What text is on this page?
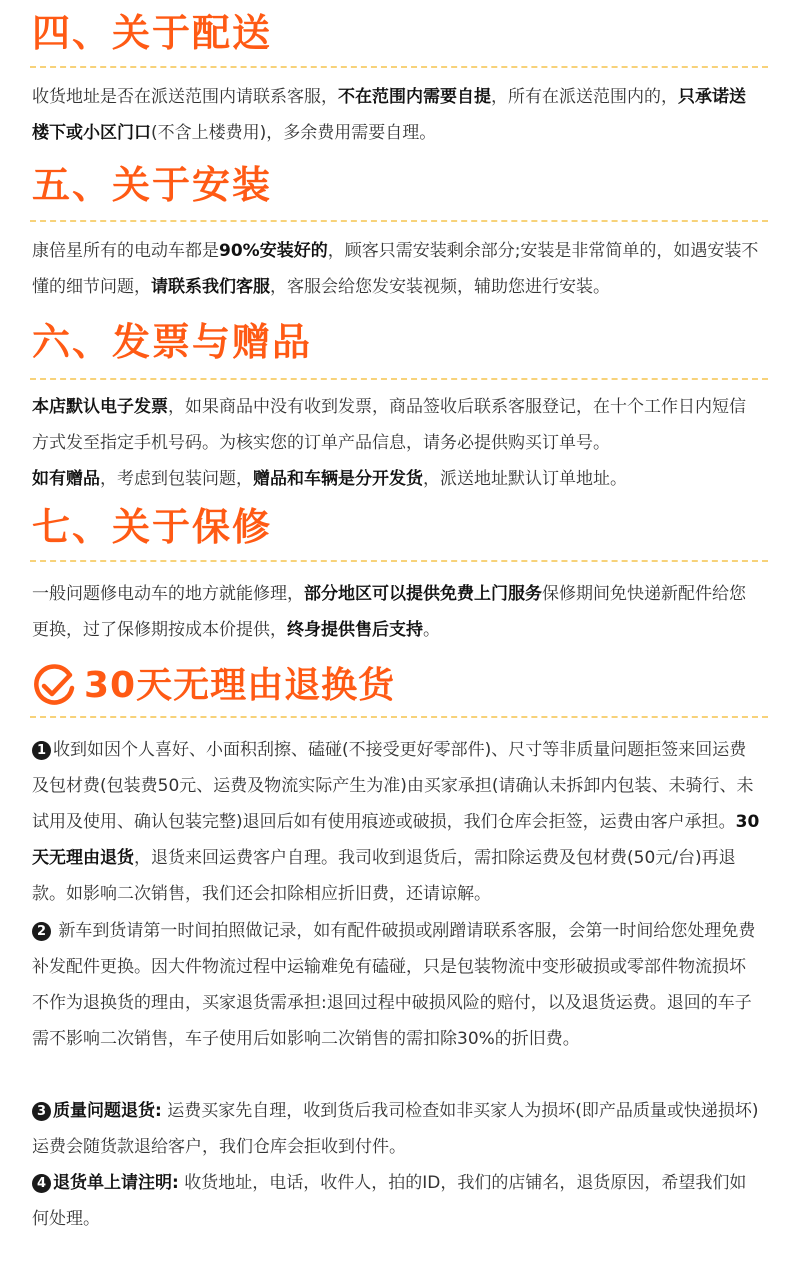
四、关于配送

收货地址是否在派送范围内请联系客服，不在范围内需要自提，所有在派送范围内的，只承诺送楼下或小区门口(不含上楼费用)，多余费用需要自理。

五、关于安装

康倍星所有的电动车都是90%安装好的，顾客只需安装剩余部分;安装是非常简单的，如遇安装不懂的细节问题，请联系我们客服，客服会给您发安装视频，辅助您进行安装。

六、发票与赠品

本店默认电子发票，如果商品中没有收到发票，商品签收后联系客服登记，在十个工作日内短信方式发至指定手机号码。为核实您的订单产品信息，请务必提供购买订单号。

如有赠品，考虑到包装问题，赠品和车辆是分开发货，派送地址默认订单地址。

七、关于保修

一般问题修电动车的地方就能修理，部分地区可以提供免费上门服务保修期间免快递新配件给您更换，过了保修期按成本价提供，终身提供售后支持。

30天无理由退换货

1 收到如因个人喜好、小面积刮擦、磕碰(不接受更好零部件)、尺寸等非质量问题拒签来回运费及包材费(包装费50元、运费及物流实际产生为准)由买家承担(请确认未拆卸内包装、未骑行、未试用及使用、确认包装完整)退回后如有使用痕迹或破损，我们仓库会拒签，运费由客户承担。30天无理由退货，退货来回运费客户自理。我司收到退货后，需扣除运费及包材费(50元/台)再退款。如影响二次销售，我们还会扣除相应折旧费，还请谅解。

2 新车到货请第一时间拍照做记录，如有配件破损或剐蹭请联系客服，会第一时间给您处理免费补发配件更换。因大件物流过程中运输难免有磕碰，只是包装物流中变形破损或零部件物流损坏不作为退换货的理由，买家退货需承担:退回过程中破损风险的赔付，以及退货运费。退回的车子需不影响二次销售，车子使用后如影响二次销售的需扣除30%的折旧费。

3 质量问题退货: 运费买家先自理，收到货后我司检查如非买家人为损坏(即产品质量或快递损坏)运费会随货款退给客户，我们仓库会拒收到付件。

4 退货单上请注明: 收货地址，电话，收件人，拍的ID，我们的店铺名，退货原因，希望我们如何处理。
